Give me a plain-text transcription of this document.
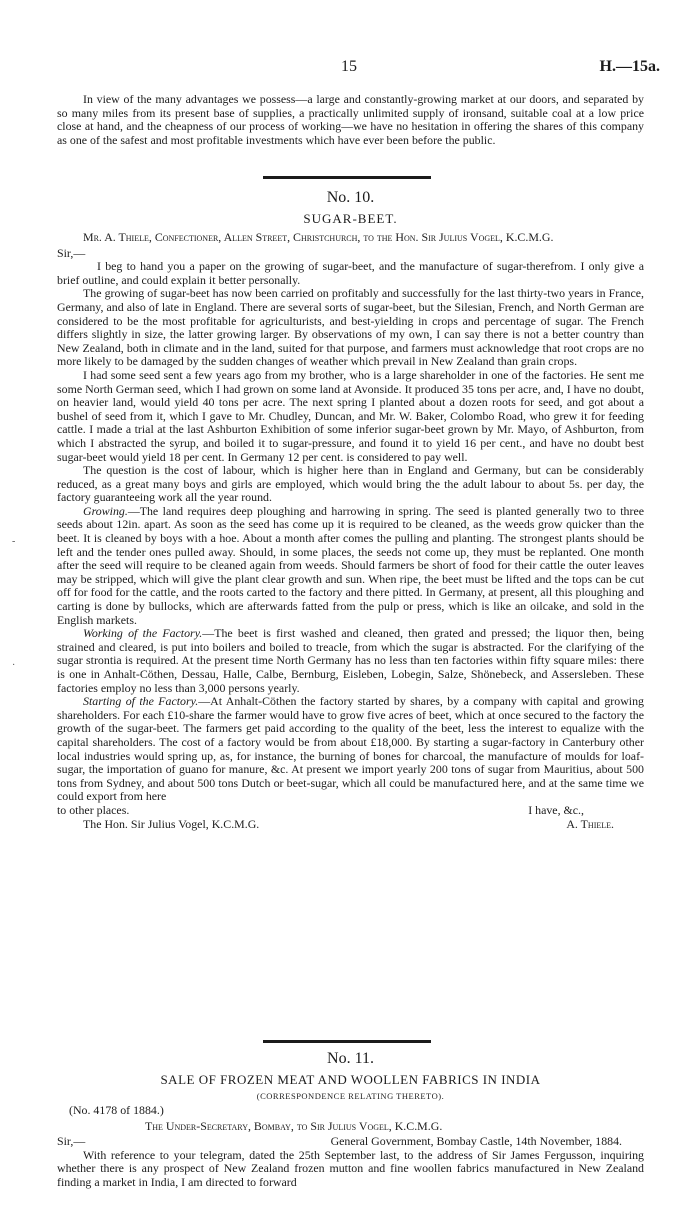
15	H.—15a.

In view of the many advantages we possess—a large and constantly-growing market at our doors, and separated by so many miles from its present base of supplies, a practically unlimited supply of ironsand, suitable coal at a low price close at hand, and the cheapness of our process of working—we have no hesitation in offering the shares of this company as one of the safest and most profitable investments which have ever been before the public.

No. 10.
SUGAR-BEET.

Mr. A. Thiele, Confectioner, Allen Street, Christchurch, to the Hon. Sir Julius Vogel, K.C.M.G.

Sir,—

I beg to hand you a paper on the growing of sugar-beet, and the manufacture of sugar-therefrom. I only give a brief outline, and could explain it better personally.

The growing of sugar-beet has now been carried on profitably and successfully for the last thirty-two years in France, Germany, and also of late in England. There are several sorts of sugar-beet, but the Silesian, French, and North German are considered to be the most profitable for agriculturists, and best-yielding in crops and percentage of sugar. The French differs slightly in size, the latter growing larger. By observations of my own, I can say there is not a better country than New Zealand, both in climate and in the land, suited for that purpose, and farmers must acknowledge that root crops are no more likely to be damaged by the sudden changes of weather which prevail in New Zealand than grain crops.

I had some seed sent a few years ago from my brother, who is a large shareholder in one of the factories. He sent me some North German seed, which I had grown on some land at Avonside. It produced 35 tons per acre, and, I have no doubt, on heavier land, would yield 40 tons per acre. The next spring I planted about a dozen roots for seed, and got about a bushel of seed from it, which I gave to Mr. Chudley, Duncan, and Mr. W. Baker, Colombo Road, who grew it for feeding cattle. I made a trial at the last Ashburton Exhibition of some inferior sugar-beet grown by Mr. Mayo, of Ashburton, from which I abstracted the syrup, and boiled it to sugar-pressure, and found it to yield 16 per cent., and have no doubt best sugar-beet would yield 18 per cent. In Germany 12 per cent. is considered to pay well.

The question is the cost of labour, which is higher here than in England and Germany, but can be considerably reduced, as a great many boys and girls are employed, which would bring the the adult labour to about 5s. per day, the factory guaranteeing work all the year round.

Growing.—The land requires deep ploughing and harrowing in spring. The seed is planted generally two to three seeds about 12in. apart. As soon as the seed has come up it is required to be cleaned, as the weeds grow quicker than the beet. It is cleaned by boys with a hoe. About a month after comes the pulling and planting. The strongest plants should be left and the tender ones pulled away. Should, in some places, the seeds not come up, they must be replanted. One month after the seed will require to be cleaned again from weeds. Should farmers be short of food for their cattle the outer leaves may be stripped, which will give the plant clear growth and sun. When ripe, the beet must be lifted and the tops can be cut off for food for the cattle, and the roots carted to the factory and there pitted. In Germany, at present, all this ploughing and carting is done by bullocks, which are afterwards fatted from the pulp or press, which is like an oilcake, and sold in the English markets.

Working of the Factory.—The beet is first washed and cleaned, then grated and pressed; the liquor then, being strained and cleared, is put into boilers and boiled to treacle, from which the sugar is abstracted. For the clarifying of the sugar strontia is required. At the present time North Germany has no less than ten factories within fifty square miles: there is one in Anhalt-Cöthen, Dessau, Halle, Calbe, Bernburg, Eisleben, Lobegin, Salze, Shönebeck, and Assersleben. These factories employ no less than 3,000 persons yearly.

Starting of the Factory.—At Anhalt-Cöthen the factory started by shares, by a company with capital and growing shareholders. For each £10-share the farmer would have to grow five acres of beet, which at once secured to the factory the growth of the sugar-beet. The farmers get paid according to the quality of the beet, less the interest to equalize with the capital shareholders. The cost of a factory would be from about £18,000. By starting a sugar-factory in Canterbury other local industries would spring up, as, for instance, the burning of bones for charcoal, the manufacture of moulds for loaf-sugar, the importation of guano for manure, &c. At present we import yearly 200 tons of sugar from Mauritius, about 500 tons from Sydney, and about 500 tons Dutch or beet-sugar, which all could be manufactured here, and at the same time we could export from here

to other places.	I have, &c.,
The Hon. Sir Julius Vogel, K.C.M.G.	A. Thiele.
No. 11.
SALE OF FROZEN MEAT AND WOOLLEN FABRICS IN INDIA
(CORRESPONDENCE RELATING THERETO).

(No. 4178 of 1884.)

The Under-Secretary, Bombay, to Sir Julius Vogel, K.C.M.G.

Sir,—	General Government, Bombay Castle, 14th November, 1884.

With reference to your telegram, dated the 25th September last, to the address of Sir James Fergusson, inquiring whether there is any prospect of New Zealand frozen mutton and fine woollen fabrics manufactured in New Zealand finding a market in India, I am directed to forward

-
·
